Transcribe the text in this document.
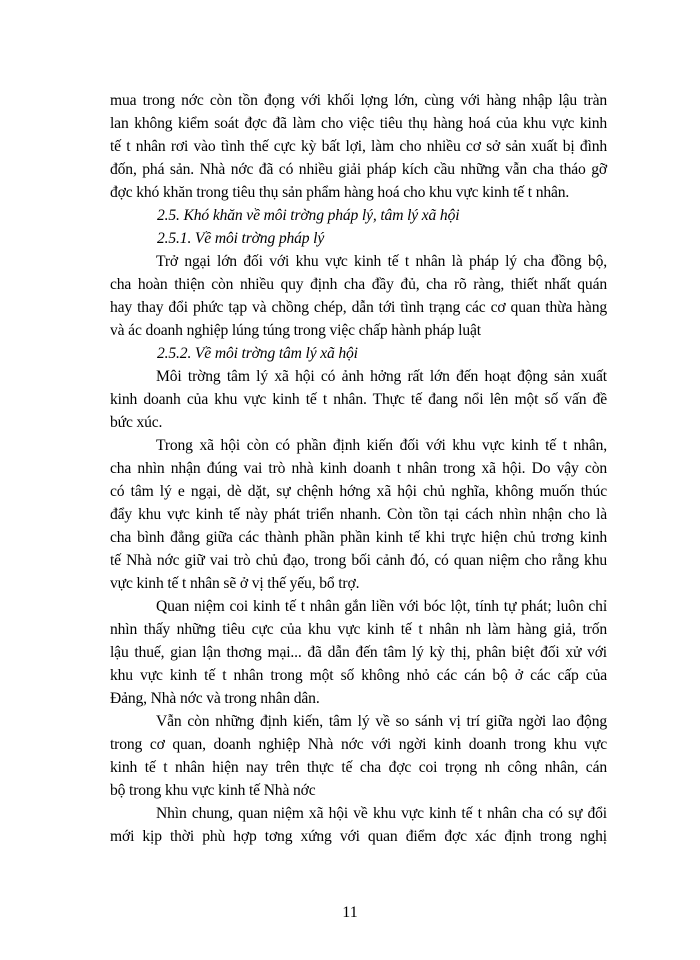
mua trong nớc còn tồn đọng với khối lợng lớn, cùng với hàng nhập lậu tràn
lan không kiểm soát đợc đã làm cho việc tiêu thụ hàng hoá của khu vực kinh
tế t nhân rơi vào tình thế cực kỳ bất lợi, làm cho nhiều cơ sở sản xuất bị đình
đốn, phá sản. Nhà nớc đã có nhiều giải pháp kích cầu những vẫn cha tháo gỡ
đợc khó khăn trong tiêu thụ sản phẩm hàng hoá cho khu vực kinh tế t nhân.
2.5. Khó khăn về môi trờng pháp lý, tâm lý xã hội
2.5.1. Về môi trờng pháp lý
Trở ngại lớn đối với khu vực kinh tế t nhân là pháp lý cha đồng bộ,
cha hoàn thiện còn nhiều quy định cha đầy đủ, cha rõ ràng, thiết nhất quán
hay thay đổi phức tạp và chồng chép, dẫn tới tình trạng các cơ quan thừa hàng
và ác doanh nghiệp lúng túng trong việc chấp hành pháp luật
2.5.2. Về môi trờng tâm lý xã hội
Môi trờng tâm lý xã hội có ảnh hởng rất lớn đến hoạt động sản xuất
kinh doanh của khu vực kinh tế t nhân. Thực tế đang nổi lên một số vấn đề
bức xúc.
Trong xã hội còn có phần định kiến đối với khu vực kinh tế t nhân,
cha nhìn nhận đúng vai trò nhà kinh doanh t nhân trong xã hội. Do vậy còn
có tâm lý e ngại, dè dặt, sự chệnh hớng xã hội chủ nghĩa, không muốn thúc
đẩy khu vực kinh tế này phát triển nhanh. Còn tồn tại cách nhìn nhận cho là
cha bình đẳng giữa các thành phần phần kinh tế khi trực hiện chủ trơng kinh
tế Nhà nớc giữ vai trò chủ đạo, trong bối cảnh đó, có quan niệm cho rằng khu
vực kinh tế t nhân sẽ ở vị thế yếu, bổ trợ.
Quan niệm coi kinh tế t nhân gắn liền với bóc lột, tính tự phát; luôn chỉ
nhìn thấy những tiêu cực của khu vực kinh tế t nhân nh làm hàng giả, trốn
lậu thuế, gian lận thơng mại... đã dẫn đến tâm lý kỳ thị, phân biệt đối xử với
khu vực kinh tế t nhân trong một số không nhỏ các cán bộ ở các cấp của
Đảng, Nhà nớc và trong nhân dân.
Vẫn còn những định kiến, tâm lý về so sánh vị trí giữa ngời lao động
trong cơ quan, doanh nghiệp Nhà nớc với ngời kinh doanh trong khu vực
kinh tế t nhân hiện nay trên thực tế cha đợc coi trọng nh công nhân, cán
bộ trong khu vực kinh tế Nhà nớc
Nhìn chung, quan niệm xã hội về khu vực kinh tế t nhân cha có sự đổi
mới kịp thời phù hợp tơng xứng với quan điểm đợc xác định trong nghị
11
